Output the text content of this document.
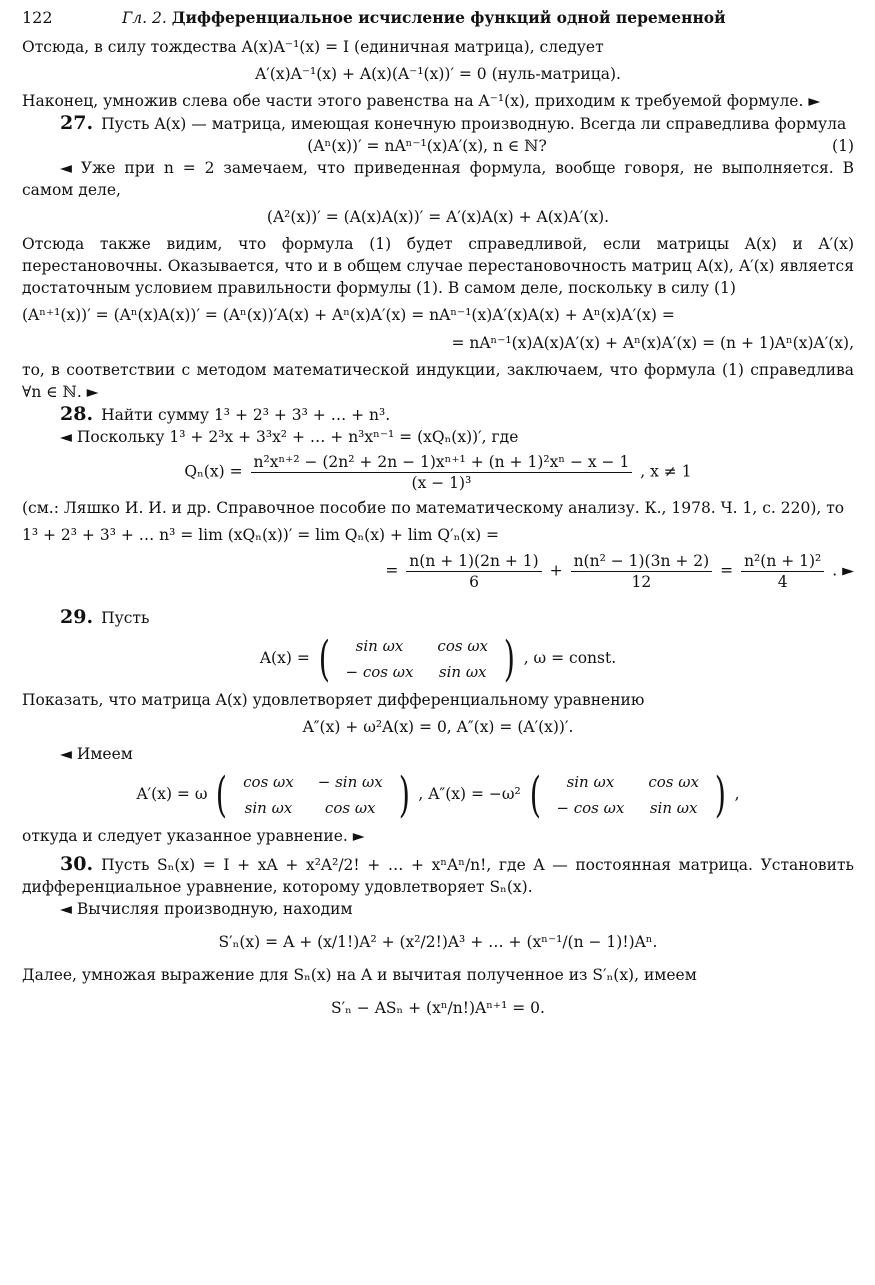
122	Гл. 2. Дифференциальное исчисление функций одной переменной

Отсюда, в силу тождества A(x)A⁻¹(x) = I (единичная матрица), следует

A′(x)A⁻¹(x) + A(x)(A⁻¹(x))′ = 0 (нуль-матрица).

Наконец, умножив слева обе части этого равенства на A⁻¹(x), приходим к требуемой формуле. ►

27. Пусть A(x) — матрица, имеющая конечную производную. Всегда ли справедлива формула

(Aⁿ(x))′ = nAⁿ⁻¹(x)A′(x), n ∈ ℕ?	(1)

◄ Уже при n = 2 замечаем, что приведенная формула, вообще говоря, не выполняется. В самом деле,

(A²(x))′ = (A(x)A(x))′ = A′(x)A(x) + A(x)A′(x).

Отсюда также видим, что формула (1) будет справедливой, если матрицы A(x) и A′(x) перестановочны. Оказывается, что и в общем случае перестановочность матриц A(x), A′(x) является достаточным условием правильности формулы (1). В самом деле, поскольку в силу (1)

(Aⁿ⁺¹(x))′ = (Aⁿ(x)A(x))′ = (Aⁿ(x))′A(x) + Aⁿ(x)A′(x) = nAⁿ⁻¹(x)A′(x)A(x) + Aⁿ(x)A′(x) =
= nAⁿ⁻¹(x)A(x)A′(x) + Aⁿ(x)A′(x) = (n + 1)Aⁿ(x)A′(x),

то, в соответствии с методом математической индукции, заключаем, что формула (1) справедлива ∀n ∈ ℕ. ►

28. Найти сумму 1³ + 2³ + 3³ + … + n³.

◄ Поскольку 1³ + 2³x + 3³x² + … + n³xⁿ⁻¹ = (xQₙ(x))′, где

$Q_n(x) = \frac{\text{n²xⁿ⁺² − (2n² + 2n − 1)xⁿ⁺¹ + (n + 1)²xⁿ − x − 1}}{\text{(x − 1)³}}$ , x ≠ 1

(см.: Ляшко И. И. и др. Справочное пособие по математическому анализу. К., 1978. Ч. 1, с. 220), то

1³ + 2³ + 3³ + … n³ = lim (xQₙ(x))′ = lim Qₙ(x) + lim Q′ₙ(x) =
= $\frac{n(n + 1)(2n + 1)}{6} + \frac{\text{n(n² − 1)(3n + 2)}}{12} = \frac{\text{n²(n + 1)²}}{4}$ . ►

29. Пусть

A(x) = ( sin ωx	cos ωx
− cos ωx	sin ωx ) , ω = const.

Показать, что матрица A(x) удовлетворяет дифференциальному уравнению

A″(x) + ω²A(x) = 0, A″(x) = (A′(x))′.

◄ Имеем

A′(x) = ω ( cos ωx	− sin ωx
sin ωx	cos ωx ) , A″(x) = −ω² ( sin ωx	cos ωx
− cos ωx	sin ωx ) ,

откуда и следует указанное уравнение. ►

30. Пусть Sₙ(x) = I + xA + x²A²/2! + … + xⁿAⁿ/n!, где A — постоянная матрица. Установить дифференциальное уравнение, которому удовлетворяет Sₙ(x).

◄ Вычисляя производную, находим

S′ₙ(x) = A + (x/1!)A² + (x²/2!)A³ + … + (xⁿ⁻¹/(n − 1)!)Aⁿ.

Далее, умножая выражение для Sₙ(x) на A и вычитая полученное из S′ₙ(x), имеем

S′ₙ − ASₙ + (xⁿ/n!)Aⁿ⁺¹ = 0.
